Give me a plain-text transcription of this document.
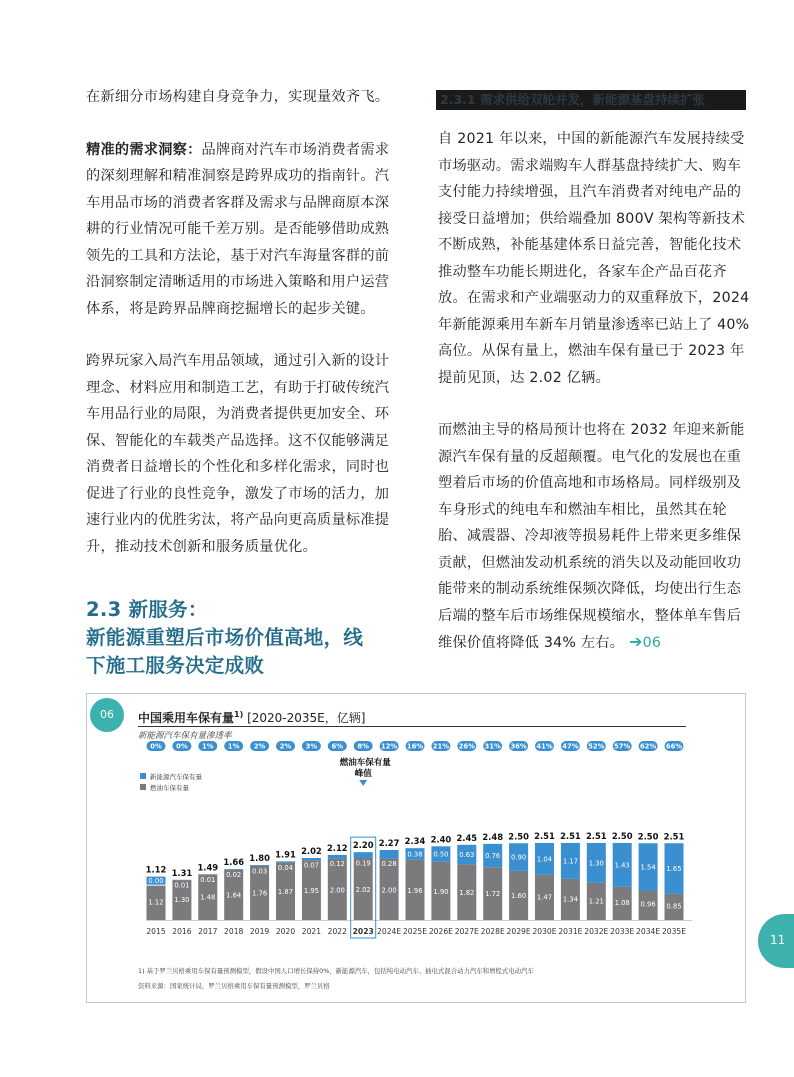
在新细分市场构建自身竞争力，实现量效齐飞。

精准的需求洞察：品牌商对汽车市场消费者需求的深刻理解和精准洞察是跨界成功的指南针。汽车用品市场的消费者客群及需求与品牌商原本深耕的行业情况可能千差万别。是否能够借助成熟领先的工具和方法论，基于对汽车海量客群的前沿洞察制定清晰适用的市场进入策略和用户运营体系，将是跨界品牌商挖掘增长的起步关键。

跨界玩家入局汽车用品领域，通过引入新的设计理念、材料应用和制造工艺，有助于打破传统汽车用品行业的局限，为消费者提供更加安全、环保、智能化的车载类产品选择。这不仅能够满足消费者日益增长的个性化和多样化需求，同时也促进了行业的良性竞争，激发了市场的活力，加速行业内的优胜劣汰，将产品向更高质量标准提升，推动技术创新和服务质量优化。

2.3 新服务：
新能源重塑后市场价值高地，线
下施工服务决定成败
2.3.1 需求供给双轮并发，新能源基盘持续扩张

自 2021 年以来，中国的新能源汽车发展持续受市场驱动。需求端购车人群基盘持续扩大、购车支付能力持续增强，且汽车消费者对纯电产品的接受日益增加；供给端叠加 800V 架构等新技术不断成熟，补能基建体系日益完善，智能化技术推动整车功能长期进化，各家车企产品百花齐放。在需求和产业端驱动力的双重释放下，2024 年新能源乘用车新车月销量渗透率已站上了 40% 高位。从保有量上，燃油车保有量已于 2023 年提前见顶，达 2.02 亿辆。

而燃油主导的格局预计也将在 2032 年迎来新能源汽车保有量的反超颠覆。电气化的发展也在重塑着后市场的价值高地和市场格局。同样级别及车身形式的纯电车和燃油车相比，虽然其在轮胎、减震器、冷却液等损易耗件上带来更多维保贡献，但燃油发动机系统的消失以及动能回收功能带来的制动系统维保频次降低，均使出行生态后端的整车后市场维保规模缩水，整体单车售后维保价值将降低 34% 左右。 ➔06

06	中国乘用车保有量$^{1)}$ [2020-2035E，亿辆]
新能源汽车保有量渗透率
新能源汽车保有量
燃油车保有量
0%
1.12
0.00
1.12
2015
0%
1.30
0.01
1.31
2016
1%
1.48
0.01
1.49
2017
1%
1.64
0.02
1.66
2018
2%
1.76
0.03
1.80
2019
2%
1.87
0.04
1.91
2020
3%
1.95
0.07
2.02
2021
6%
2.00
0.12
2.12
2022
8%
2.02
0.19
2.20
2023
燃油车保有量
峰值
12%
2.00
0.28
2.27
2024E
16%
1.96
0.38
2.34
2025E
21%
1.90
0.50
2.40
2026E
26%
1.82
0.63
2.45
2027E
31%
1.72
0.76
2.48
2028E
36%
1.60
0.90
2.50
2029E
41%
1.47
1.04
2.51
2030E
47%
1.34
1.17
2.51
2031E
52%
1.21
1.30
2.51
2032E
57%
1.08
1.43
2.50
2033E
62%
0.96
1.54
2.50
2034E
66%
0.85
1.65
2.51
2035E
1) 基于罗兰贝格乘用车保有量预测模型，假设中国人口增长保持0%，新能源汽车，包括纯电动汽车、插电式混合动力汽车和增程式电动汽车
资料来源：国家统计局，罗兰贝格乘用车保有量预测模型，罗兰贝格
11
